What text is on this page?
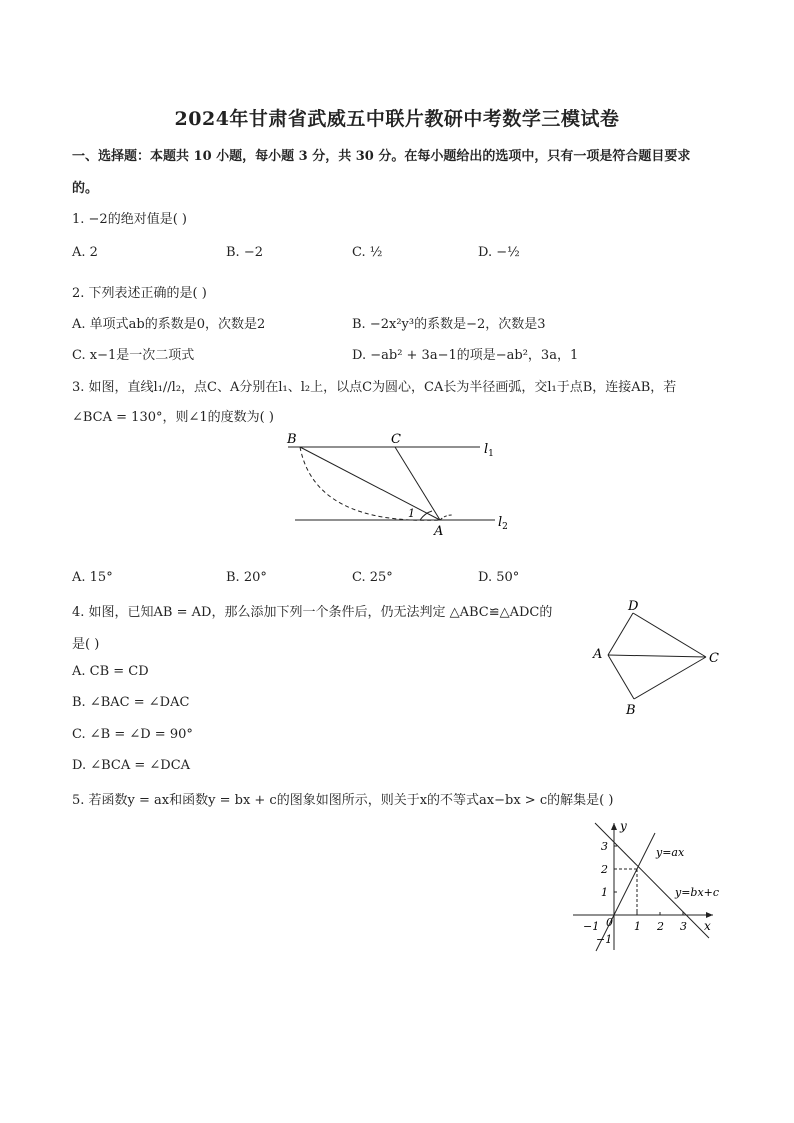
2024年甘肃省武威五中联片教研中考数学三模试卷
一、选择题：本题共 10 小题，每小题 3 分，共 30 分。在每小题给出的选项中，只有一项是符合题目要求
的。
1. −2的绝对值是( )
A. 2	B. −2	C. ½	D. −½
2. 下列表述正确的是( )
A. 单项式ab的系数是0，次数是2	B. −2x²y³的系数是−2，次数是3
C. x−1是一次二项式	D. −ab² + 3a−1的项是−ab²，3a，1
3. 如图，直线l₁//l₂，点C、A分别在l₁、l₂上，以点C为圆心，CA长为半径画弧，交l₁于点B，连接AB，若
∠BCA = 130°，则∠1的度数为( )
B	C
A
1
$l_1$
$l_2$
A. 15°	B. 20°	C. 25°	D. 50°
4. 如图，已知AB = AD，那么添加下列一个条件后，仍无法判定 △ABC≌△ADC的
是( )
A. CB = CD
B. ∠BAC = ∠DAC
C. ∠B = ∠D = 90°
D. ∠BCA = ∠DCA
D
A	C
B
5. 若函数y = ax和函数y = bx + c的图象如图所示，则关于x的不等式ax−bx > c的解集是( )
y
x
3
2
1
−1
−1	1 2 3
0
y=ax
y=bx+c
